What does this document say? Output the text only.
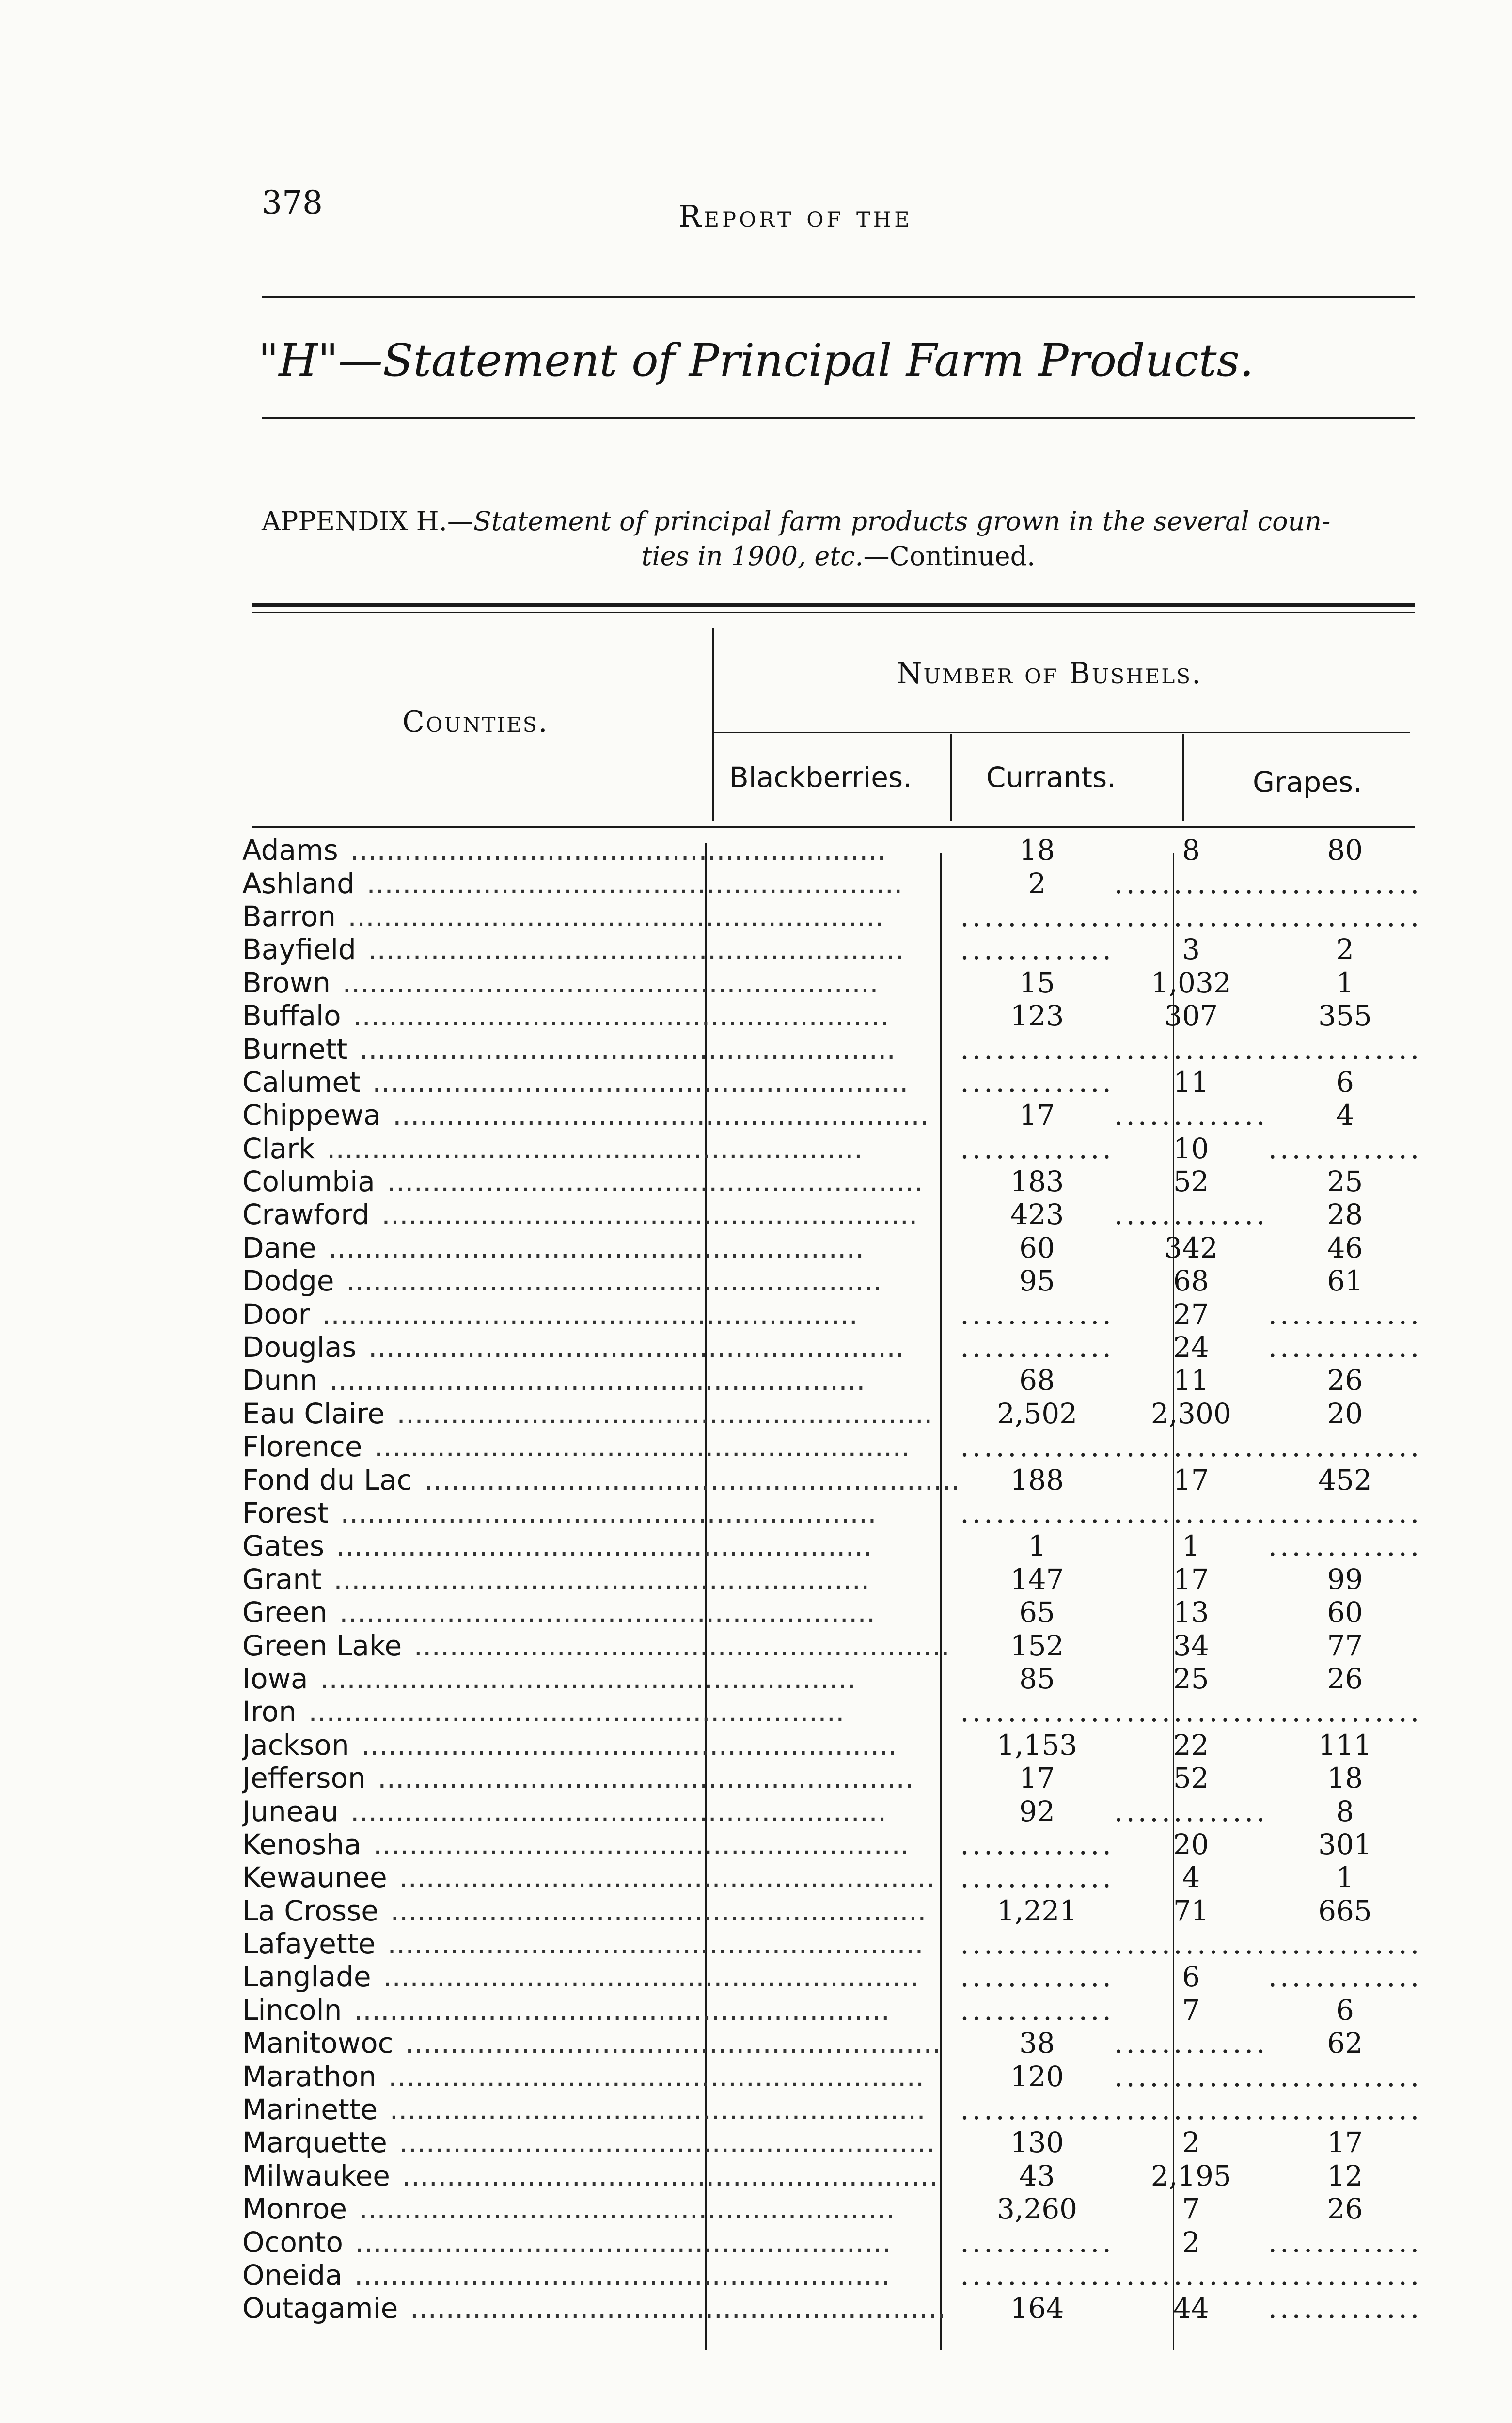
378	Report of the
"H"—Statement of Principal Farm Products.
APPENDIX H.—Statement of principal farm products grown in the several coun-
ties in 1900, etc.—Continued.
Counties.
Number of Bushels.
Blackberries.	Currants.	Grapes.
Adams ............................................................	18	8	80
Ashland ............................................................	2	.............	.............
Barron ............................................................	.............	.............	.............
Bayfield ............................................................	.............	3	2
Brown ............................................................	15	1,032	1
Buffalo ............................................................	123	307	355
Burnett ............................................................	.............	.............	.............
Calumet ............................................................	.............	11	6
Chippewa ............................................................	17	.............	4
Clark ............................................................	.............	10	.............
Columbia ............................................................	183	52	25
Crawford ............................................................	423	.............	28
Dane ............................................................	60	342	46
Dodge ............................................................	95	68	61
Door ............................................................	.............	27	.............
Douglas ............................................................	.............	24	.............
Dunn ............................................................	68	11	26
Eau Claire ............................................................	2,502	2,300	20
Florence ............................................................	.............	.............	.............
Fond du Lac ............................................................	188	17	452
Forest ............................................................	.............	.............	.............
Gates ............................................................	1	1	.............
Grant ............................................................	147	17	99
Green ............................................................	65	13	60
Green Lake ............................................................	152	34	77
Iowa ............................................................	85	25	26
Iron ............................................................	.............	.............	.............
Jackson ............................................................	1,153	22	111
Jefferson ............................................................	17	52	18
Juneau ............................................................	92	.............	8
Kenosha ............................................................	.............	20	301
Kewaunee ............................................................	.............	4	1
La Crosse ............................................................	1,221	71	665
Lafayette ............................................................	.............	.............	.............
Langlade ............................................................	.............	6	.............
Lincoln ............................................................	.............	7	6
Manitowoc ............................................................	38	.............	62
Marathon ............................................................	120	.............	.............
Marinette ............................................................	.............	.............	.............
Marquette ............................................................	130	2	17
Milwaukee ............................................................	43	2,195	12
Monroe ............................................................	3,260	7	26
Oconto ............................................................	.............	2	.............
Oneida ............................................................	.............	.............	.............
Outagamie ............................................................	164	44	.............
